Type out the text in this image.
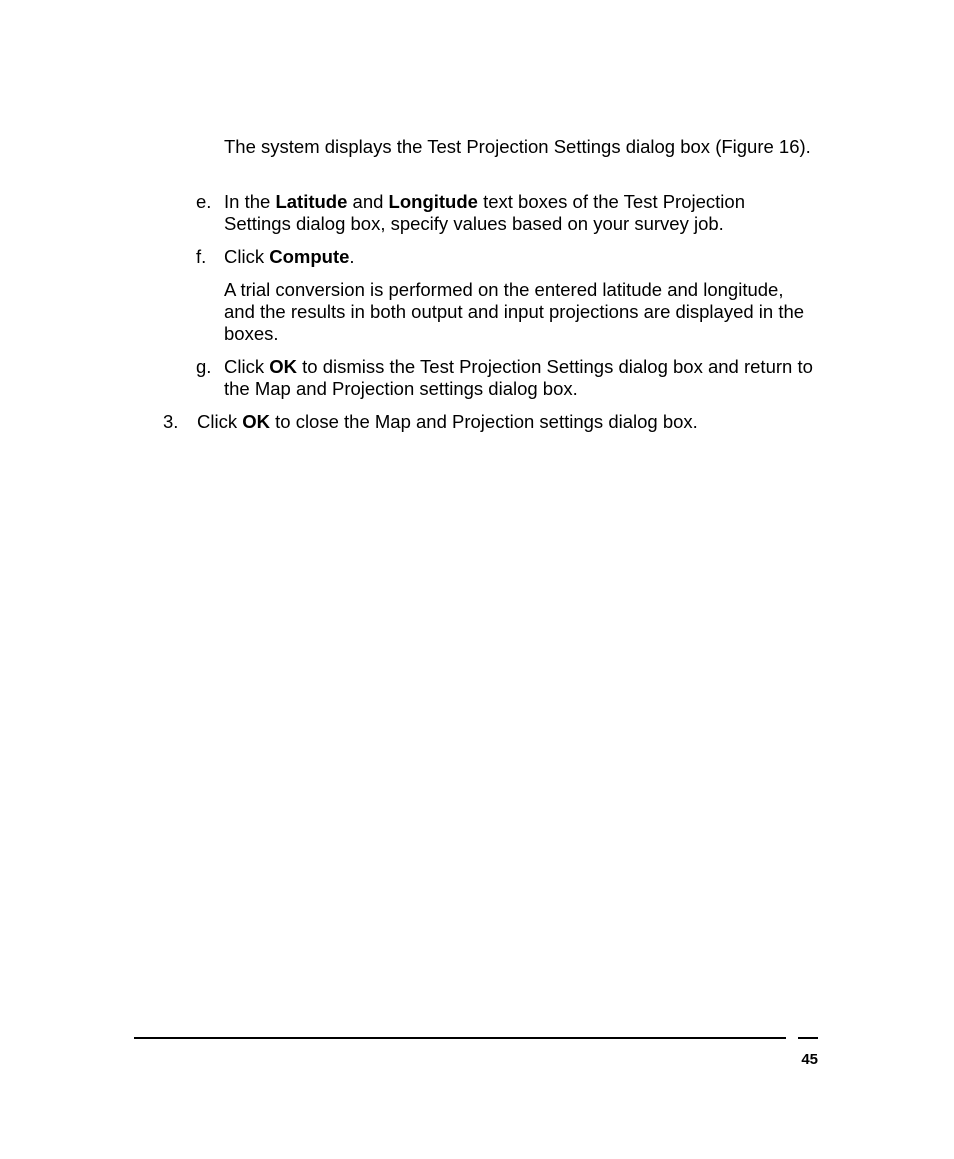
The system displays the Test Projection Settings dialog box (Figure 16).
e. In the Latitude and Longitude text boxes of the Test Projection Settings dialog box, specify values based on your survey job.
f. Click Compute.
A trial conversion is performed on the entered latitude and longitude, and the results in both output and input projections are displayed in the boxes.
g. Click OK to dismiss the Test Projection Settings dialog box and return to the Map and Projection settings dialog box.
3. Click OK to close the Map and Projection settings dialog box.
45
